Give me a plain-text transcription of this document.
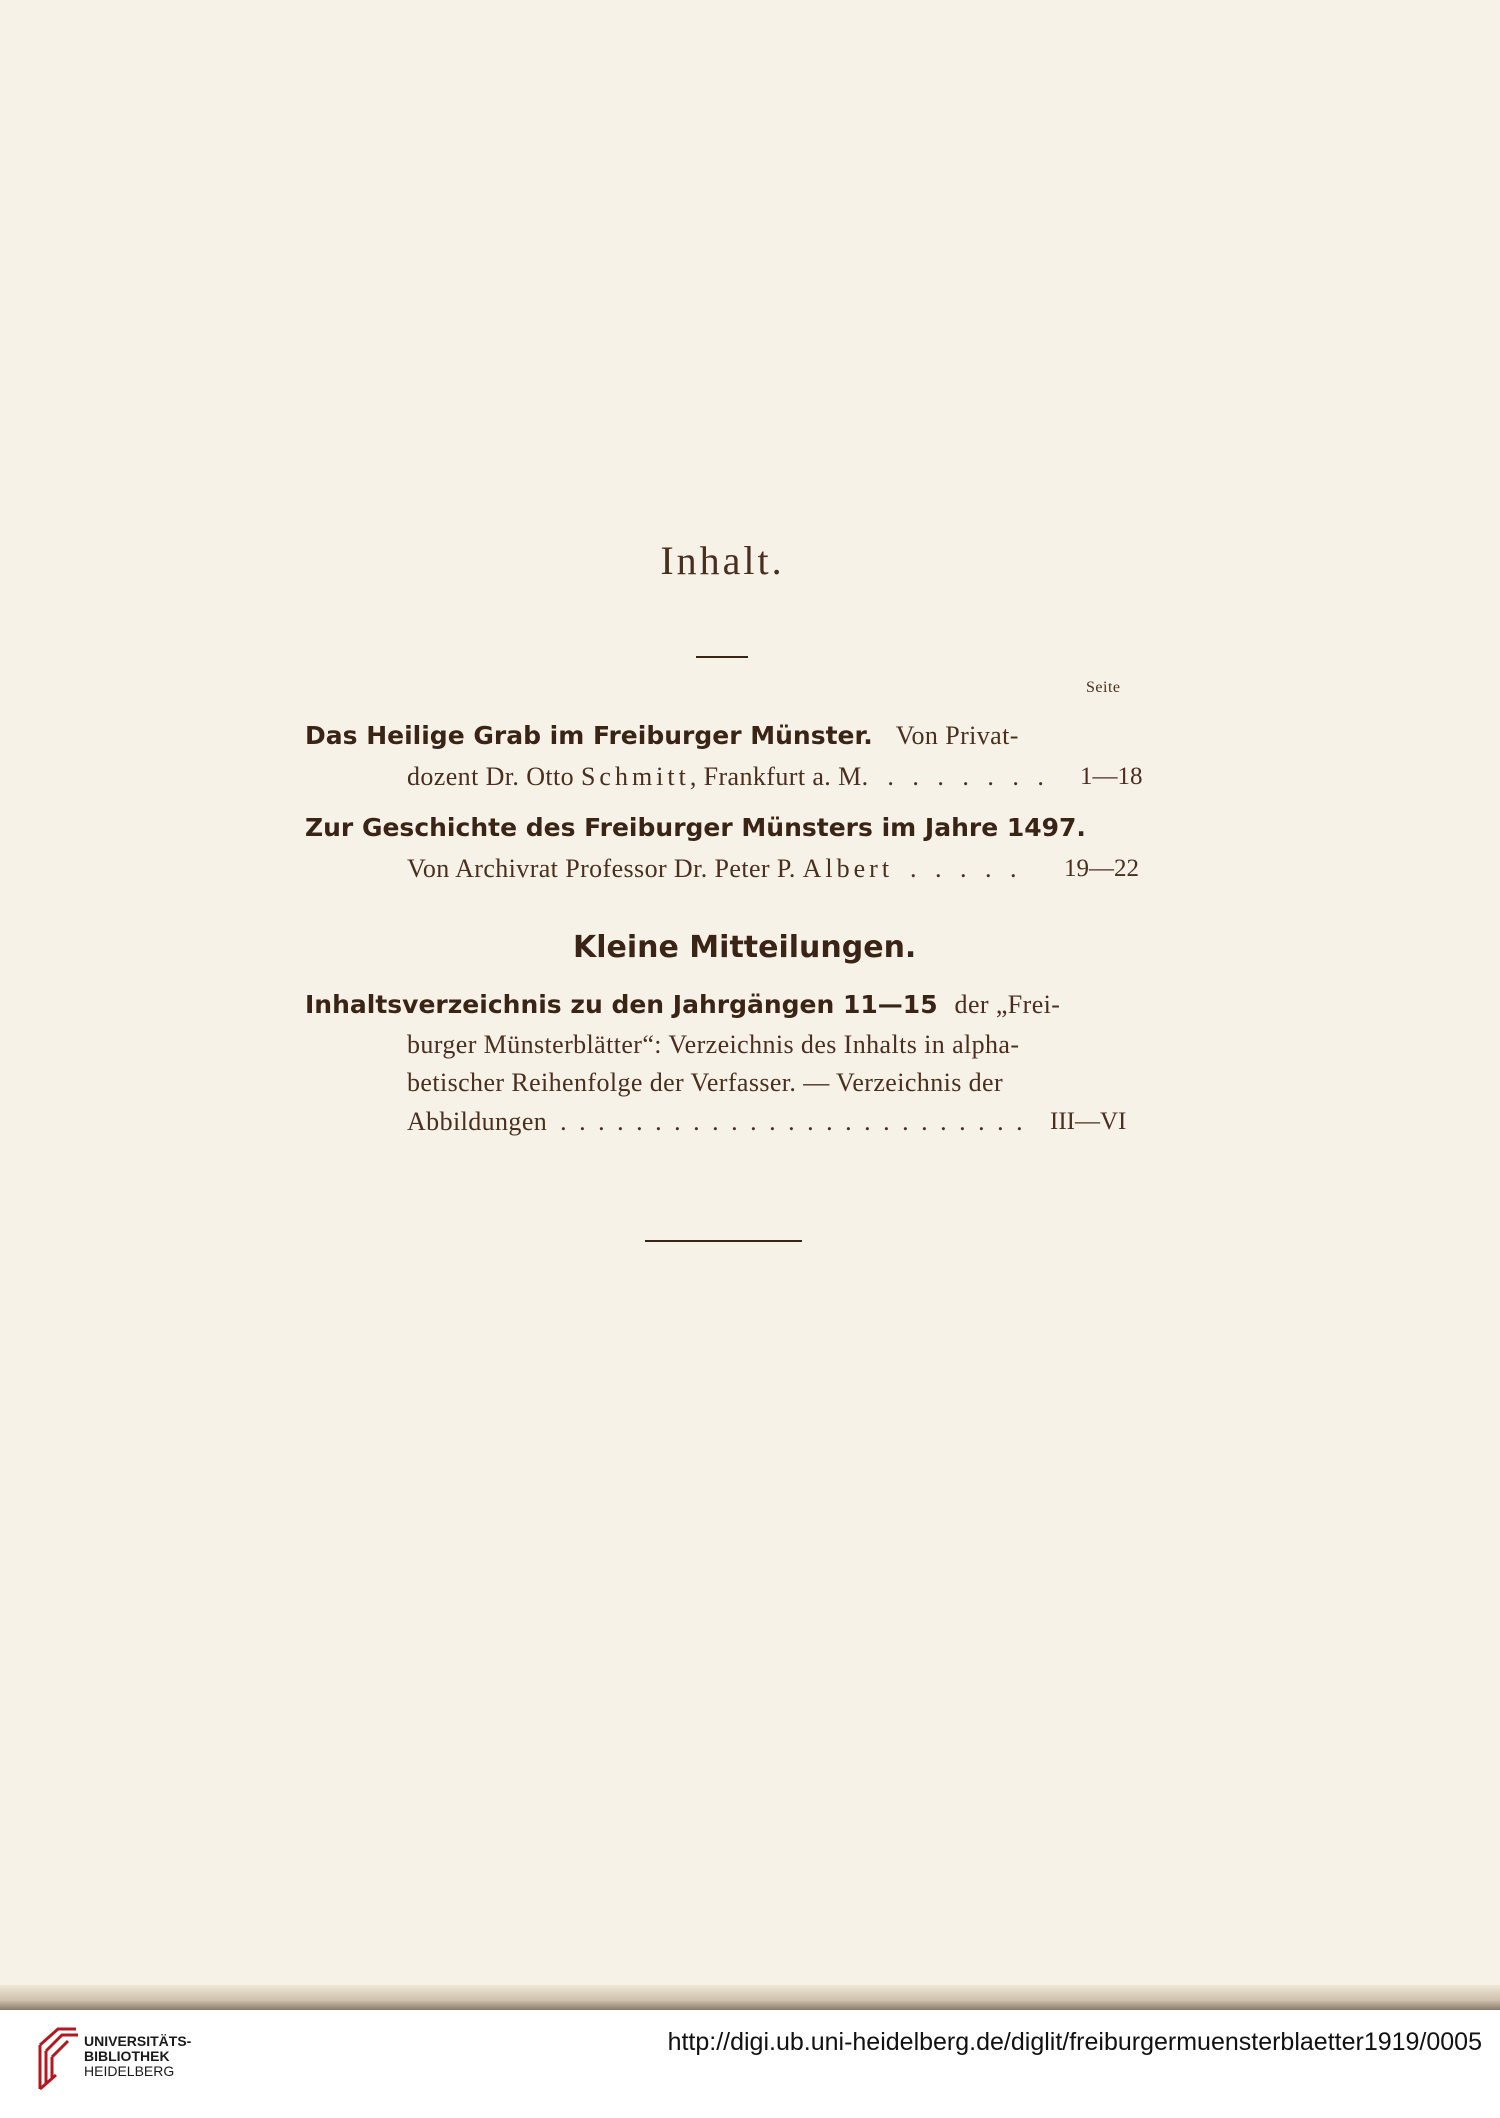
Inhalt.
Seite
Das Heilige Grab im Freiburger Münster. Von Privat-
dozent Dr. Otto Schmitt, Frankfurt a. M. . . . . . . . 1—18
Zur Geschichte des Freiburger Münsters im Jahre 1497.
Von Archivrat Professor Dr. Peter P. Albert . . . . . 19—22
Kleine Mitteilungen.
Inhaltsverzeichnis zu den Jahrgängen 11—15 der „Frei-
burger Münsterblätter“: Verzeichnis des Inhalts in alpha-
betischer Reihenfolge der Verfasser. — Verzeichnis der
Abbildungen . . . . . . . . . . . . . . . . . . . . . . . . . III—VI
UNIVERSITÄTS-
BIBLIOTHEK
HEIDELBERG
http://digi.ub.uni-heidelberg.de/diglit/freiburgermuensterblaetter1919/0005
